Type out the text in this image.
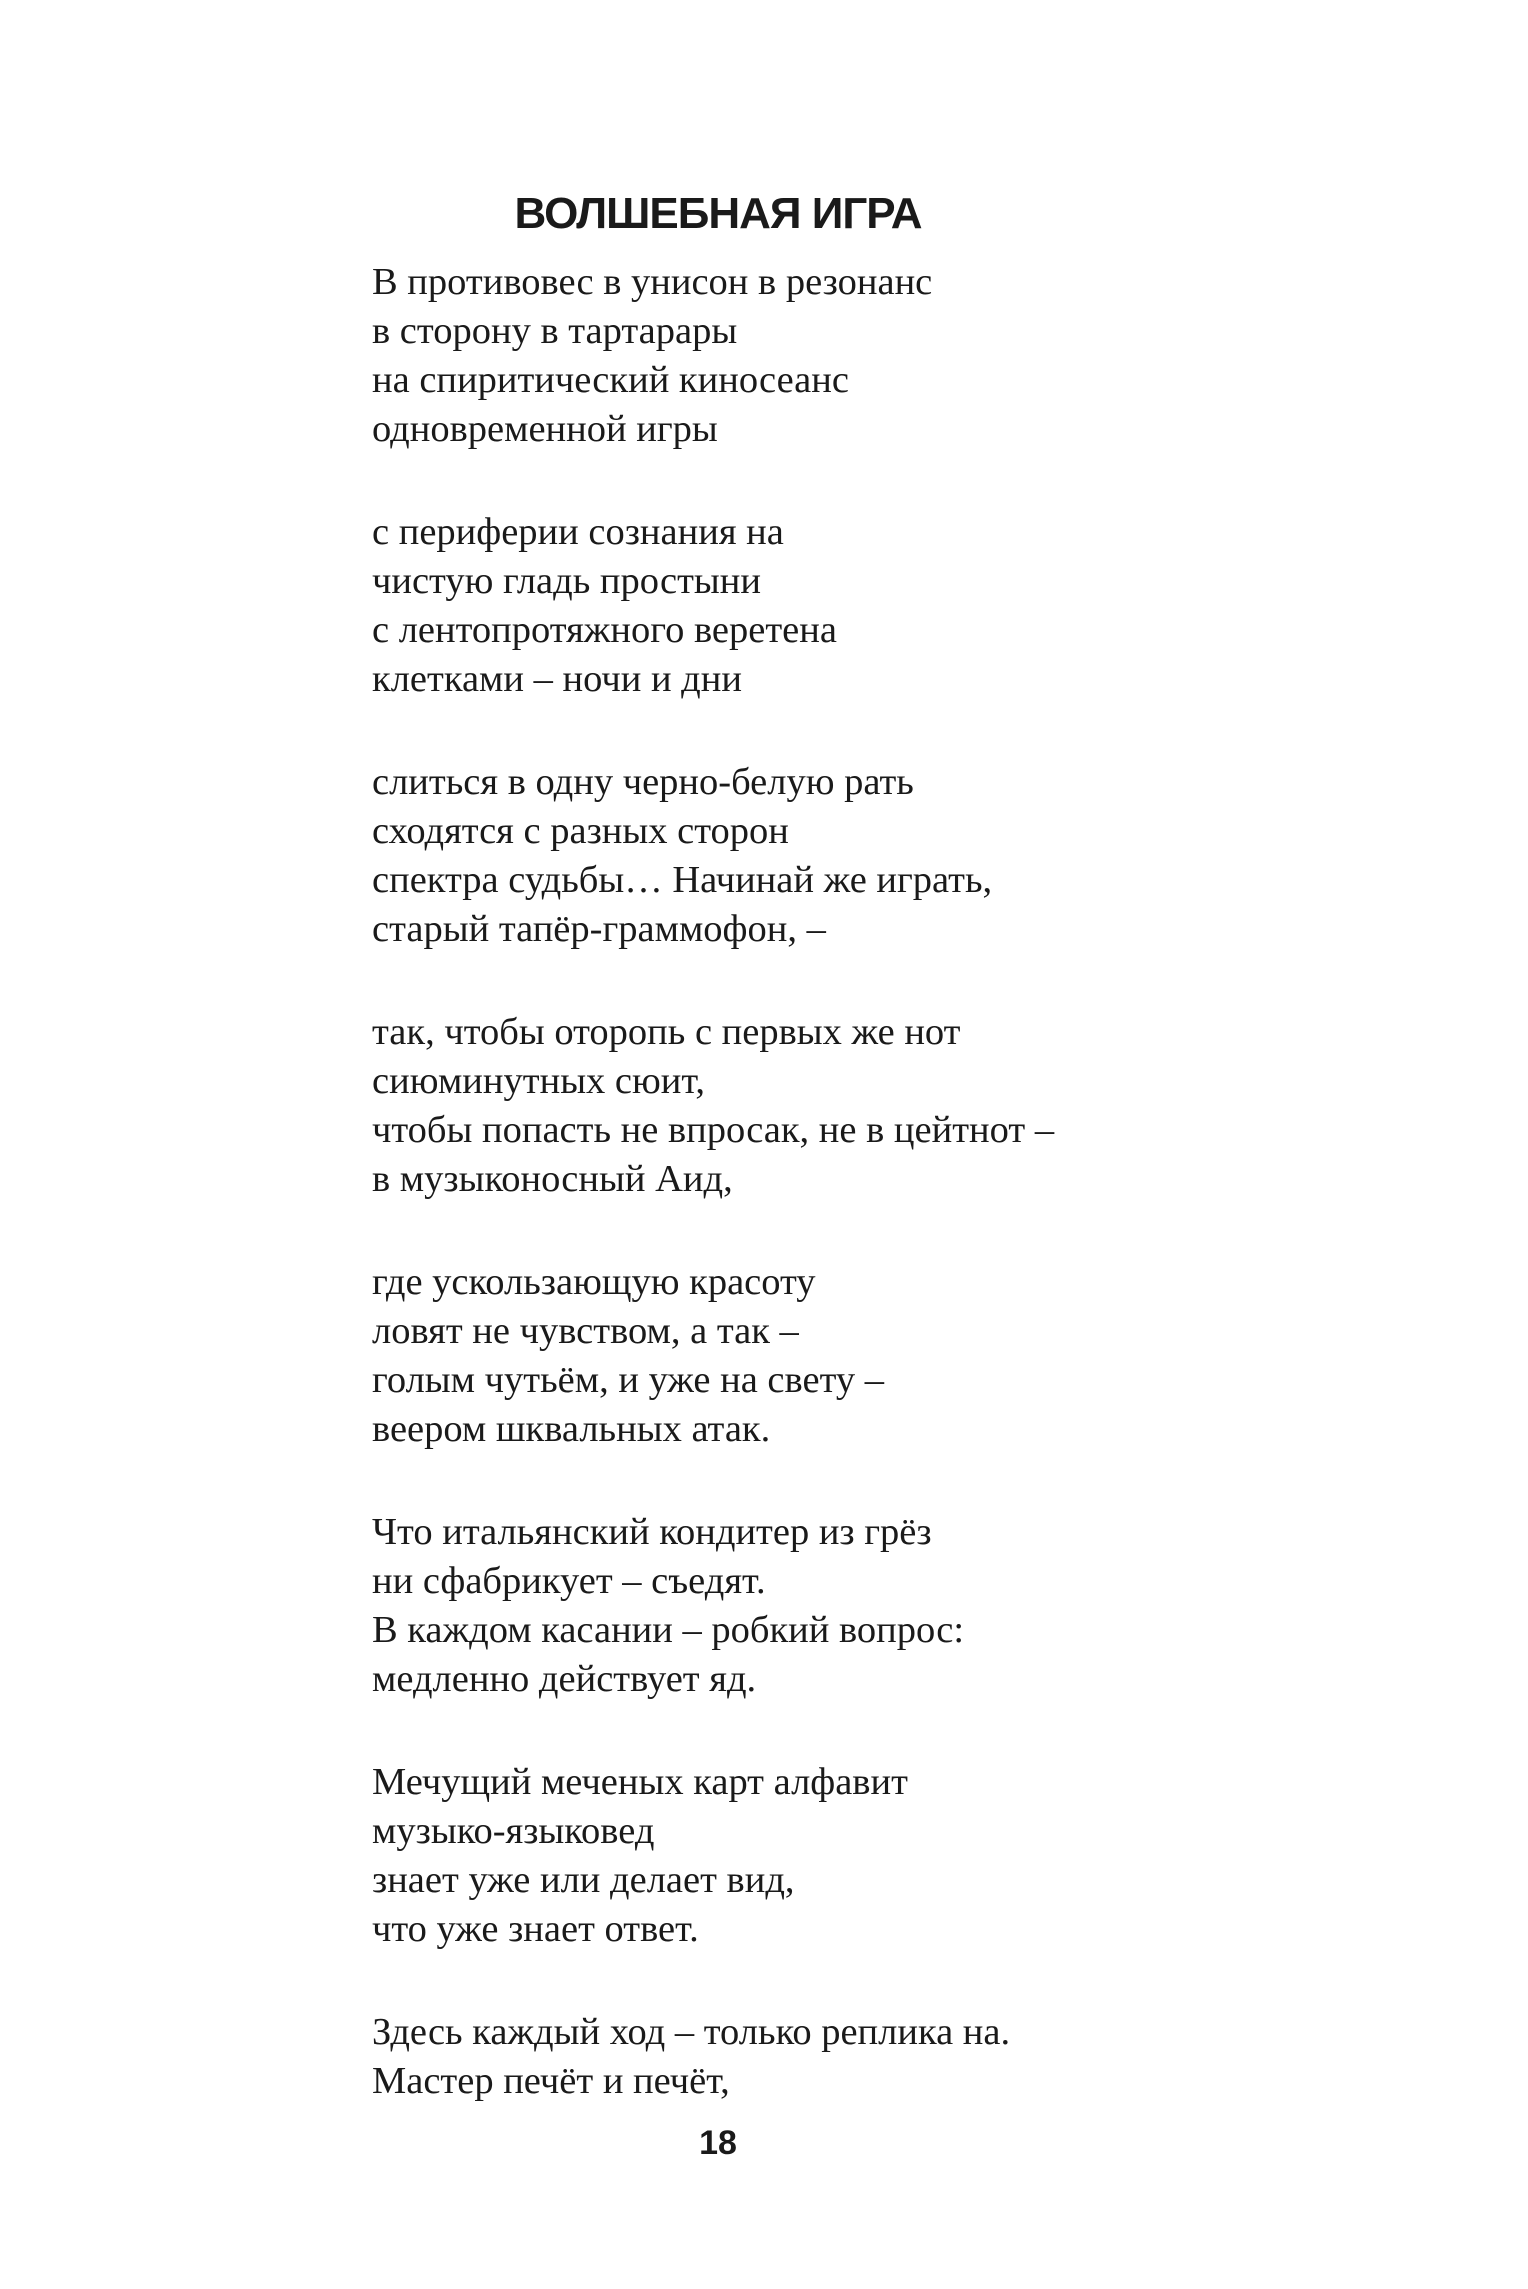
ВОЛШЕБНАЯ ИГРА
В противовес в унисон в резонанс
в сторону в тартарары
на спиритический киносеанс
одновременной игры
с периферии сознания на
чистую гладь простыни
с лентопротяжного веретена
клетками – ночи и дни
слиться в одну черно-белую рать
сходятся с разных сторон
спектра судьбы… Начинай же играть,
старый тапёр-граммофон, –
так, чтобы оторопь с первых же нот
сиюминутных сюит,
чтобы попасть не впросак, не в цейтнот –
в музыконосный Аид,
где ускользающую красоту
ловят не чувством, а так –
голым чутьём, и уже на свету –
веером шквальных атак.
Что итальянский кондитер из грёз
ни сфабрикует – съедят.
В каждом касании – робкий вопрос:
медленно действует яд.
Мечущий меченых карт алфавит
музыко-языковед
знает уже или делает вид,
что уже знает ответ.
Здесь каждый ход – только реплика на.
Мастер печёт и печёт,
18
